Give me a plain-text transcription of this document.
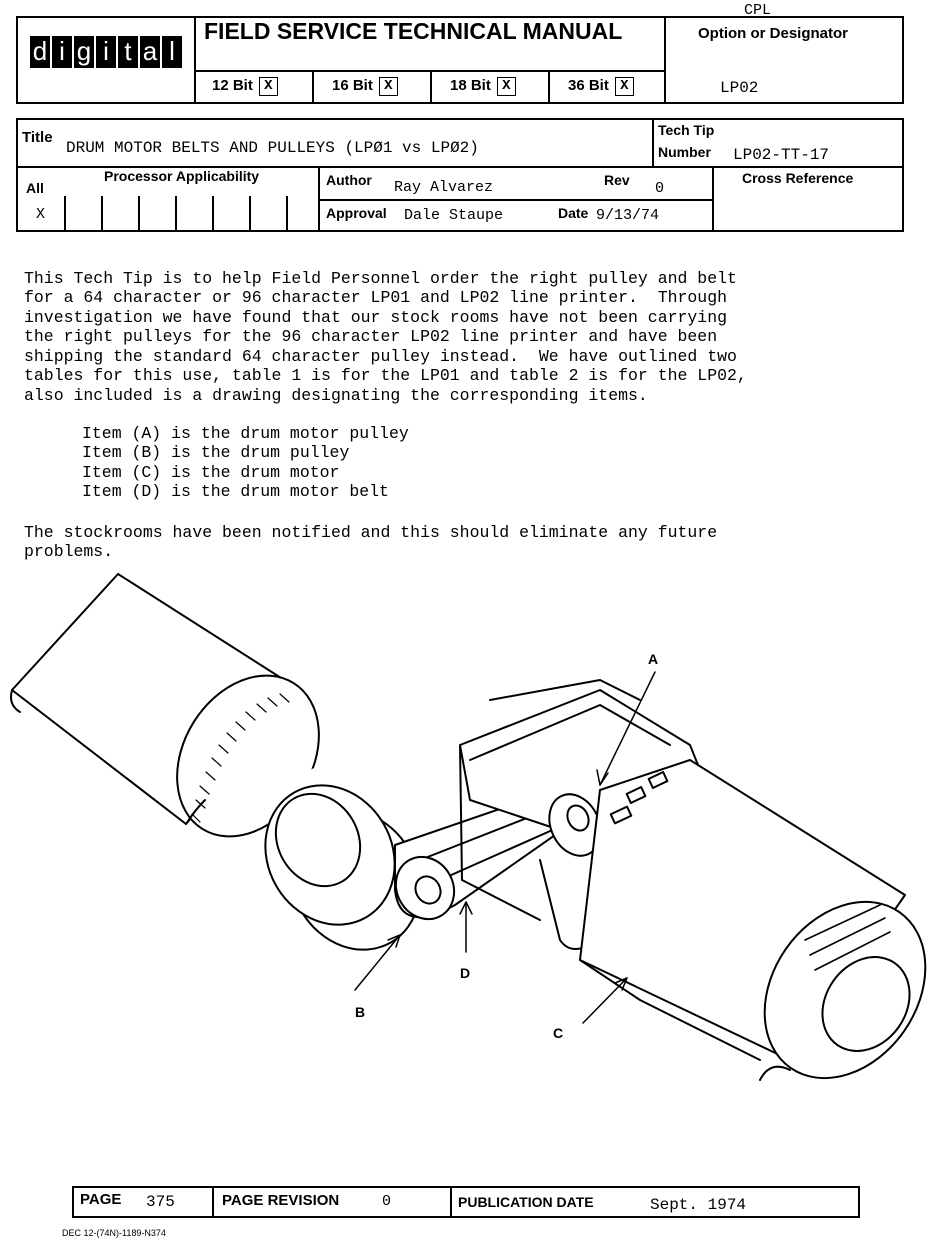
CPL
d i g i t a l
FIELD SERVICE TECHNICAL MANUAL
12 Bit X	16 Bit X	18 Bit X	36 Bit X
Option or Designator
LP02
Title
DRUM MOTOR BELTS AND PULLEYS (LPØ1 vs LPØ2)
Tech Tip
Number LP02-TT-17
All
X
Processor Applicability	Author Ray Alvarez	Rev 0
Approval Dale Staupe	Date 9/13/74
Cross Reference

This Tech Tip is to help Field Personnel order the right pulley and belt
for a 64 character or 96 character LP01 and LP02 line printer.  Through
investigation we have found that our stock rooms have not been carrying
the right pulleys for the 96 character LP02 line printer and have been
shipping the standard 64 character pulley instead.  We have outlined two
tables for this use, table 1 is for the LP01 and table 2 is for the LP02,
also included is a drawing designating the corresponding items.

Item (A) is the drum motor pulley
Item (B) is the drum pulley
Item (C) is the drum motor
Item (D) is the drum motor belt

The stockrooms have been notified and this should eliminate any future
problems.

A
B
C
D
PAGE 375	PAGE REVISION	0	PUBLICATION DATE	Sept. 1974
DEC 12-(74N)-1189-N374
